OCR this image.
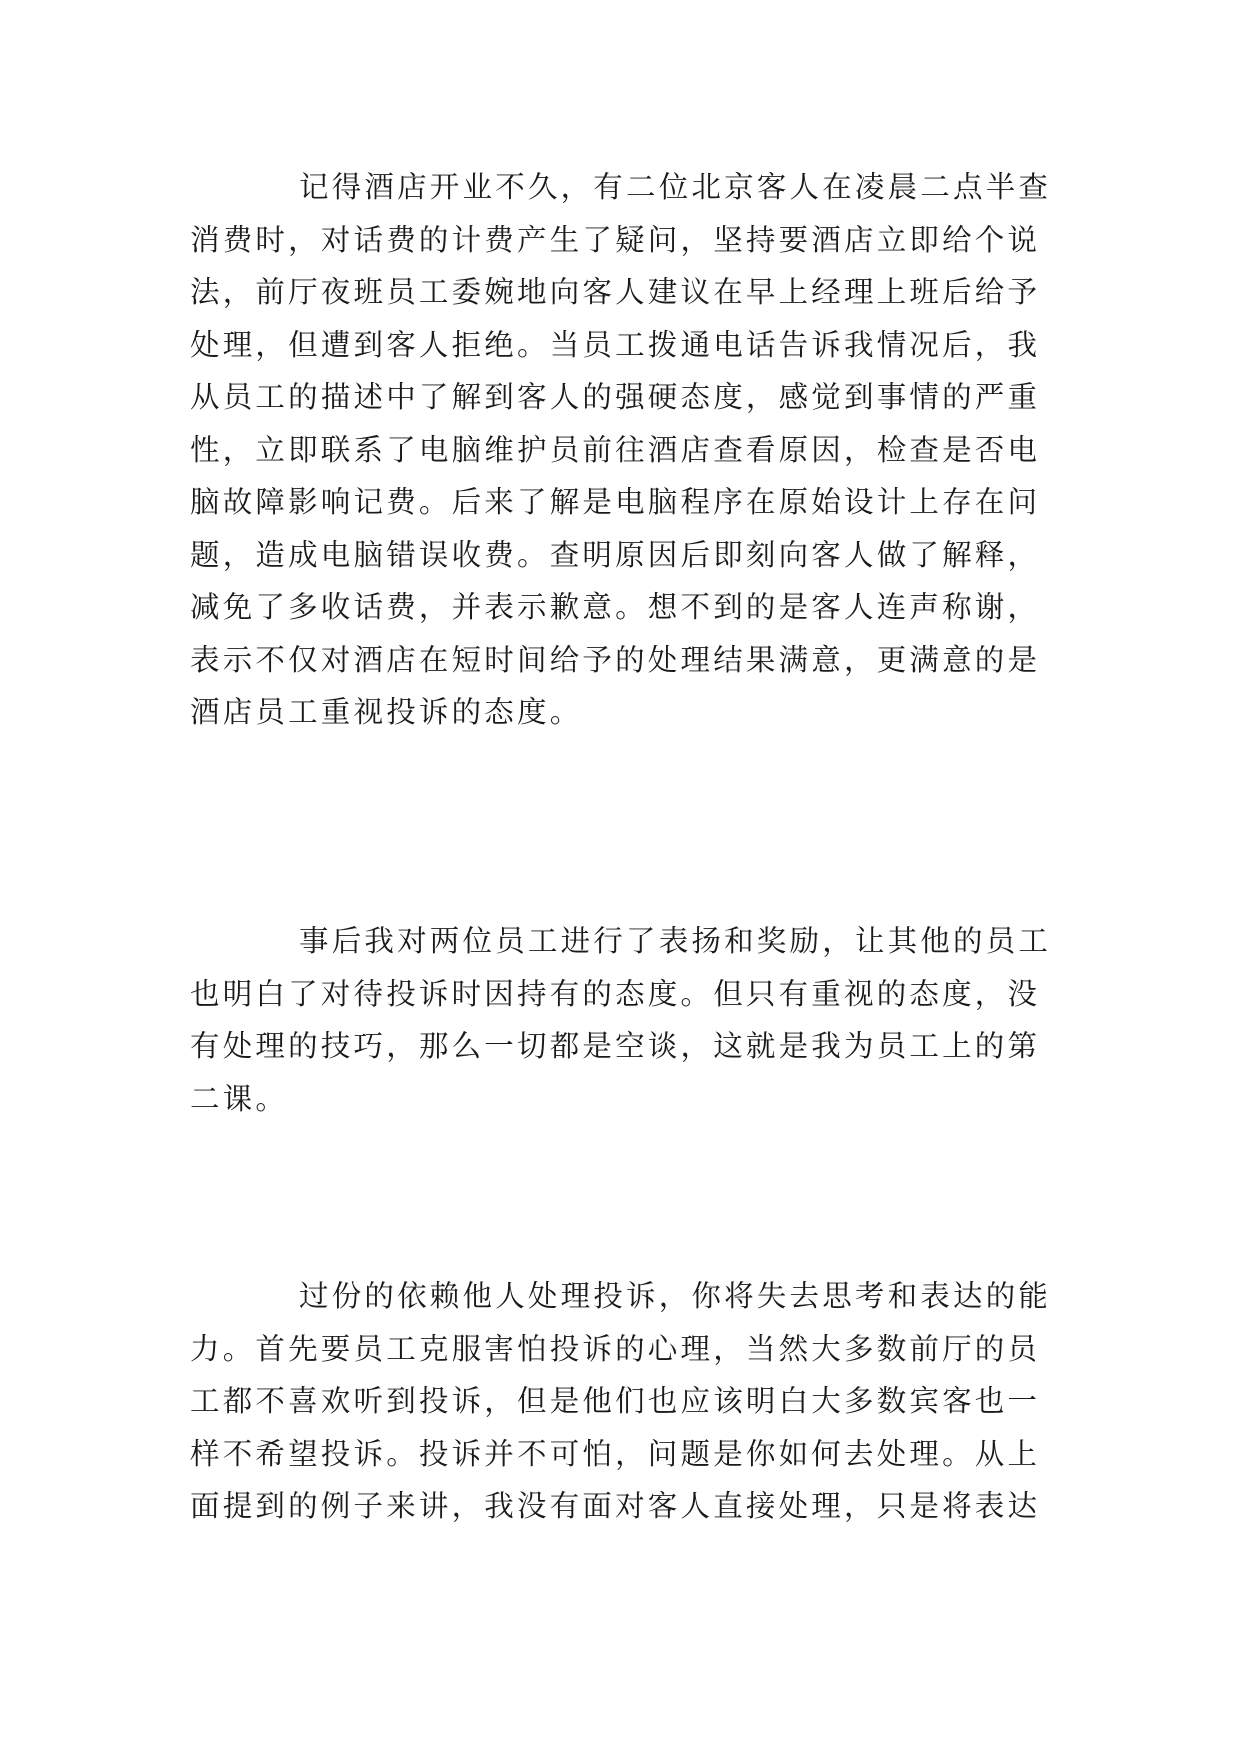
记得酒店开业不久，有二位北京客人在凌晨二点半查
消费时，对话费的计费产生了疑问，坚持要酒店立即给个说
法，前厅夜班员工委婉地向客人建议在早上经理上班后给予
处理，但遭到客人拒绝。当员工拨通电话告诉我情况后，我
从员工的描述中了解到客人的强硬态度，感觉到事情的严重
性，立即联系了电脑维护员前往酒店查看原因，检查是否电
脑故障影响记费。后来了解是电脑程序在原始设计上存在问
题，造成电脑错误收费。查明原因后即刻向客人做了解释，
减免了多收话费，并表示歉意。想不到的是客人连声称谢，
表示不仅对酒店在短时间给予的处理结果满意，更满意的是
酒店员工重视投诉的态度。

事后我对两位员工进行了表扬和奖励，让其他的员工
也明白了对待投诉时因持有的态度。但只有重视的态度，没
有处理的技巧，那么一切都是空谈，这就是我为员工上的第
二课。

过份的依赖他人处理投诉，你将失去思考和表达的能
力。首先要员工克服害怕投诉的心理，当然大多数前厅的员
工都不喜欢听到投诉，但是他们也应该明白大多数宾客也一
样不希望投诉。投诉并不可怕，问题是你如何去处理。从上
面提到的例子来讲，我没有面对客人直接处理，只是将表达
